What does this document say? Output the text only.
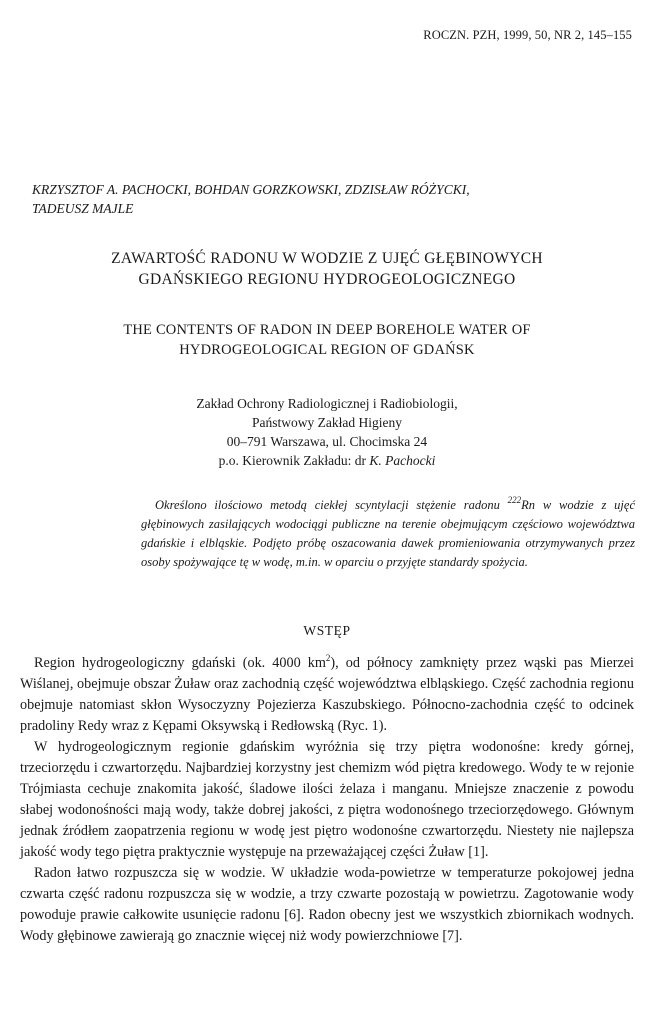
ROCZN. PZH, 1999, 50, NR 2, 145–155
KRZYSZTOF A. PACHOCKI, BOHDAN GORZKOWSKI, ZDZISŁAW RÓŻYCKI,
TADEUSZ MAJLE
ZAWARTOŚĆ RADONU W WODZIE Z UJĘĆ GŁĘBINOWYCH
GDAŃSKIEGO REGIONU HYDROGEOLOGICZNEGO
THE CONTENTS OF RADON IN DEEP BOREHOLE WATER OF
HYDROGEOLOGICAL REGION OF GDAŃSK
Zakład Ochrony Radiologicznej i Radiobiologii,
Państwowy Zakład Higieny
00–791 Warszawa, ul. Chocimska 24
p.o. Kierownik Zakładu: dr K. Pachocki
Określono ilościowo metodą ciekłej scyntylacji stężenie radonu $^{222}$Rn w wodzie z ujęć głębinowych zasilających wodociągi publiczne na terenie obejmującym częściowo województwa gdańskie i elbląskie. Podjęto próbę oszacowania dawek promieniowania otrzymywanych przez osoby spożywające tę w wodę, m.in. w oparciu o przyjęte standardy spożycia.
WSTĘP

Region hydrogeologiczny gdański (ok. 4000 $km^2$), od północy zamknięty przez wąski pas Mierzei Wiślanej, obejmuje obszar Żuław oraz zachodnią część województwa elbląskiego. Część zachodnia regionu obejmuje natomiast skłon Wysoczyzny Pojezierza Kaszubskiego. Północno-zachodnia część to odcinek pradoliny Redy wraz z Kępami Oksywską i Redłowską (Ryc. 1).

W hydrogeologicznym regionie gdańskim wyróżnia się trzy piętra wodonośne: kredy górnej, trzeciorzędu i czwartorzędu. Najbardziej korzystny jest chemizm wód piętra kredowego. Wody te w rejonie Trójmiasta cechuje znakomita jakość, śladowe ilości żelaza i manganu. Mniejsze znaczenie z powodu słabej wodonośności mają wody, także dobrej jakości, z piętra wodonośnego trzeciorzędowego. Głównym jednak źródłem zaopatrzenia regionu w wodę jest piętro wodonośne czwartorzędu. Niestety nie najlepsza jakość wody tego piętra praktycznie występuje na przeważającej części Żuław [1].

Radon łatwo rozpuszcza się w wodzie. W układzie woda-powietrze w temperaturze pokojowej jedna czwarta część radonu rozpuszcza się w wodzie, a trzy czwarte pozostają w powietrzu. Zagotowanie wody powoduje prawie całkowite usunięcie radonu [6]. Radon obecny jest we wszystkich zbiornikach wodnych. Wody głębinowe zawierają go znacznie więcej niż wody powierzchniowe [7].
